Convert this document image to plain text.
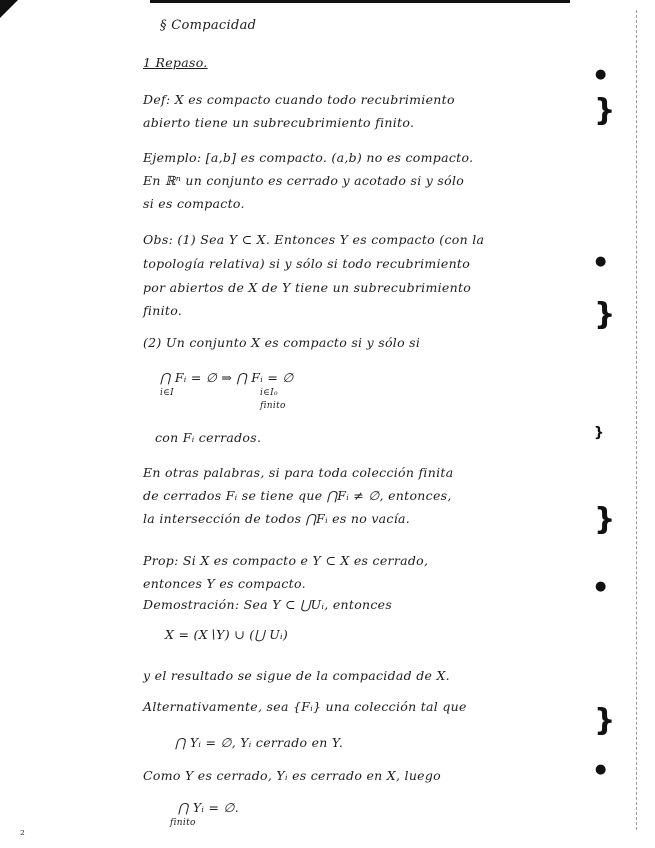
§ Compacidad
1 Repaso.
Def: X es compacto cuando todo recubrimiento
abierto tiene un subrecubrimiento finito.
Ejemplo: [a,b] es compacto. (a,b) no es compacto.
En ℝⁿ un conjunto es cerrado y acotado si y sólo
si es compacto.
Obs: (1) Sea Y ⊂ X. Entonces Y es compacto (con la
topología relativa) si y sólo si todo recubrimiento
por abiertos de X de Y tiene un subrecubrimiento
finito.
(2) Un conjunto X es compacto si y sólo si
⋂ Fᵢ = ∅ ⇒ ⋂ Fᵢ = ∅
i∈I	i∈I₀
finito
con Fᵢ cerrados.
En otras palabras, si para toda colección finita
de cerrados Fᵢ se tiene que ⋂Fᵢ ≠ ∅, entonces,
la intersección de todos ⋂Fᵢ es no vacía.
Prop: Si X es compacto e Y ⊂ X es cerrado,
entonces Y es compacto.
Demostración: Sea Y ⊂ ⋃Uᵢ, entonces
X = (X∖Y) ∪ (⋃ Uᵢ)
y el resultado se sigue de la compacidad de X.
Alternativamente, sea {Fᵢ} una colección tal que
⋂ Yᵢ = ∅, Yᵢ cerrado en Y.
Como Y es cerrado, Yᵢ es cerrado en X, luego
⋂ Yᵢ = ∅.
finito
●
}
●
}
}
}
●
}
●
²
